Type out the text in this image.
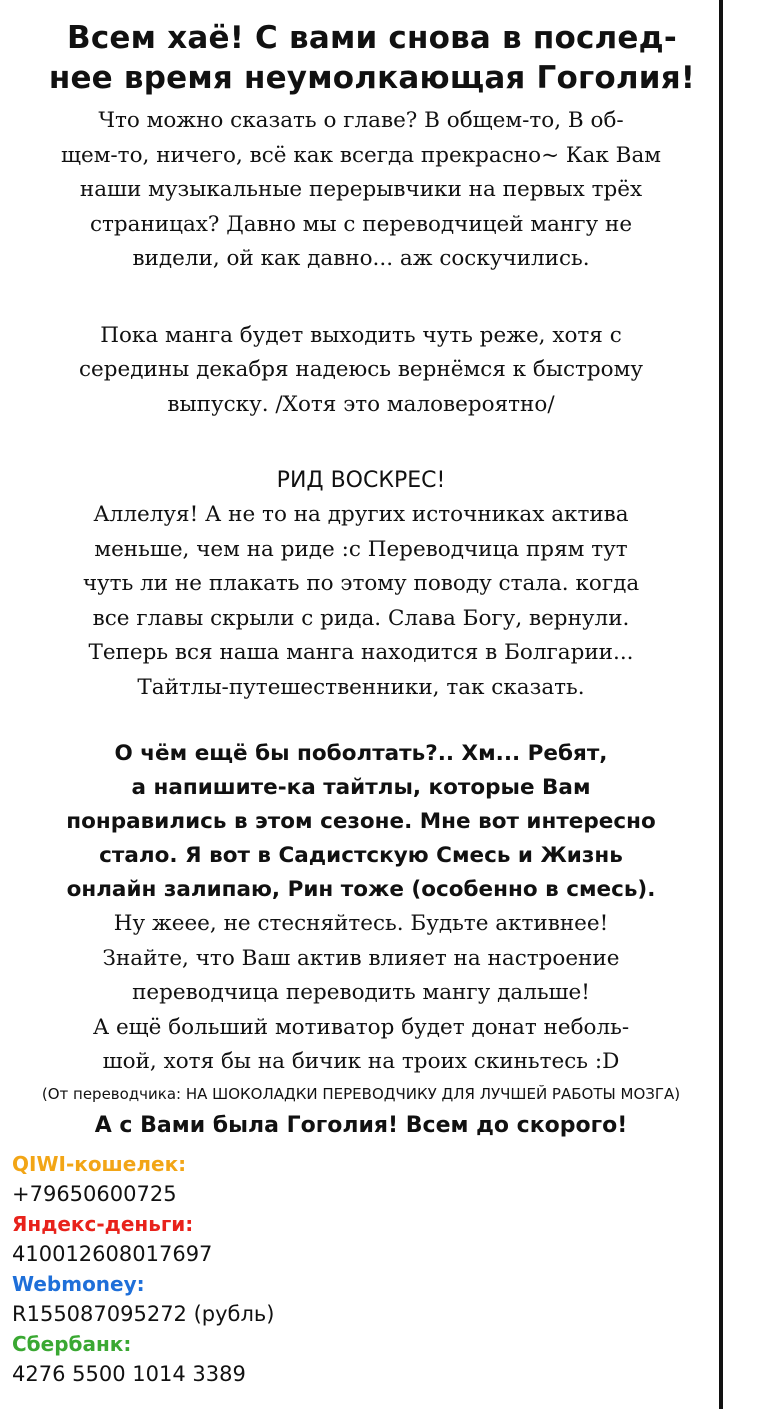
Всем хаё! С вами снова в послед-
нее время неумолкающая Гоголия!

Что можно сказать о главе? В общем-то, В об-
щем-то, ничего, всё как всегда прекрасно~ Как Вам
наши музыкальные перерывчики на первых трёх
страницах? Давно мы с переводчицей мангу не
видели, ой как давно... аж соскучились.

Пока манга будет выходить чуть реже, хотя с
середины декабря надеюсь вернёмся к быстрому
выпуску. /Хотя это маловероятно/

РИД ВОСКРЕС!

Аллелуя! А не то на других источниках актива
меньше, чем на риде :с Переводчица прям тут
чуть ли не плакать по этому поводу стала. когда
все главы скрыли с рида. Слава Богу, вернули.
Теперь вся наша манга находится в Болгарии...
Тайтлы-путешественники, так сказать.

О чём ещё бы поболтать?.. Хм... Ребят,
а напишите-ка тайтлы, которые Вам
понравились в этом сезоне. Мне вот интересно
стало. Я вот в Садистскую Смесь и Жизнь
онлайн залипаю, Рин тоже (особенно в смесь).

Ну жеее, не стесняйтесь. Будьте активнее!
Знайте, что Ваш актив влияет на настроение
переводчица переводить мангу дальше!
А ещё больший мотиватор будет донат неболь-
шой, хотя бы на бичик на троих скиньтесь :D

(От переводчика: НА ШОКОЛАДКИ ПЕРЕВОДЧИКУ ДЛЯ ЛУЧШЕЙ РАБОТЫ МОЗГА)

А с Вами была Гоголия! Всем до скорого!

QIWI-кошелек:
+79650600725
Яндекс-деньги:
410012608017697
Webmoney:
R155087095272 (рубль)
Сбербанк:
4276 5500 1014 3389
